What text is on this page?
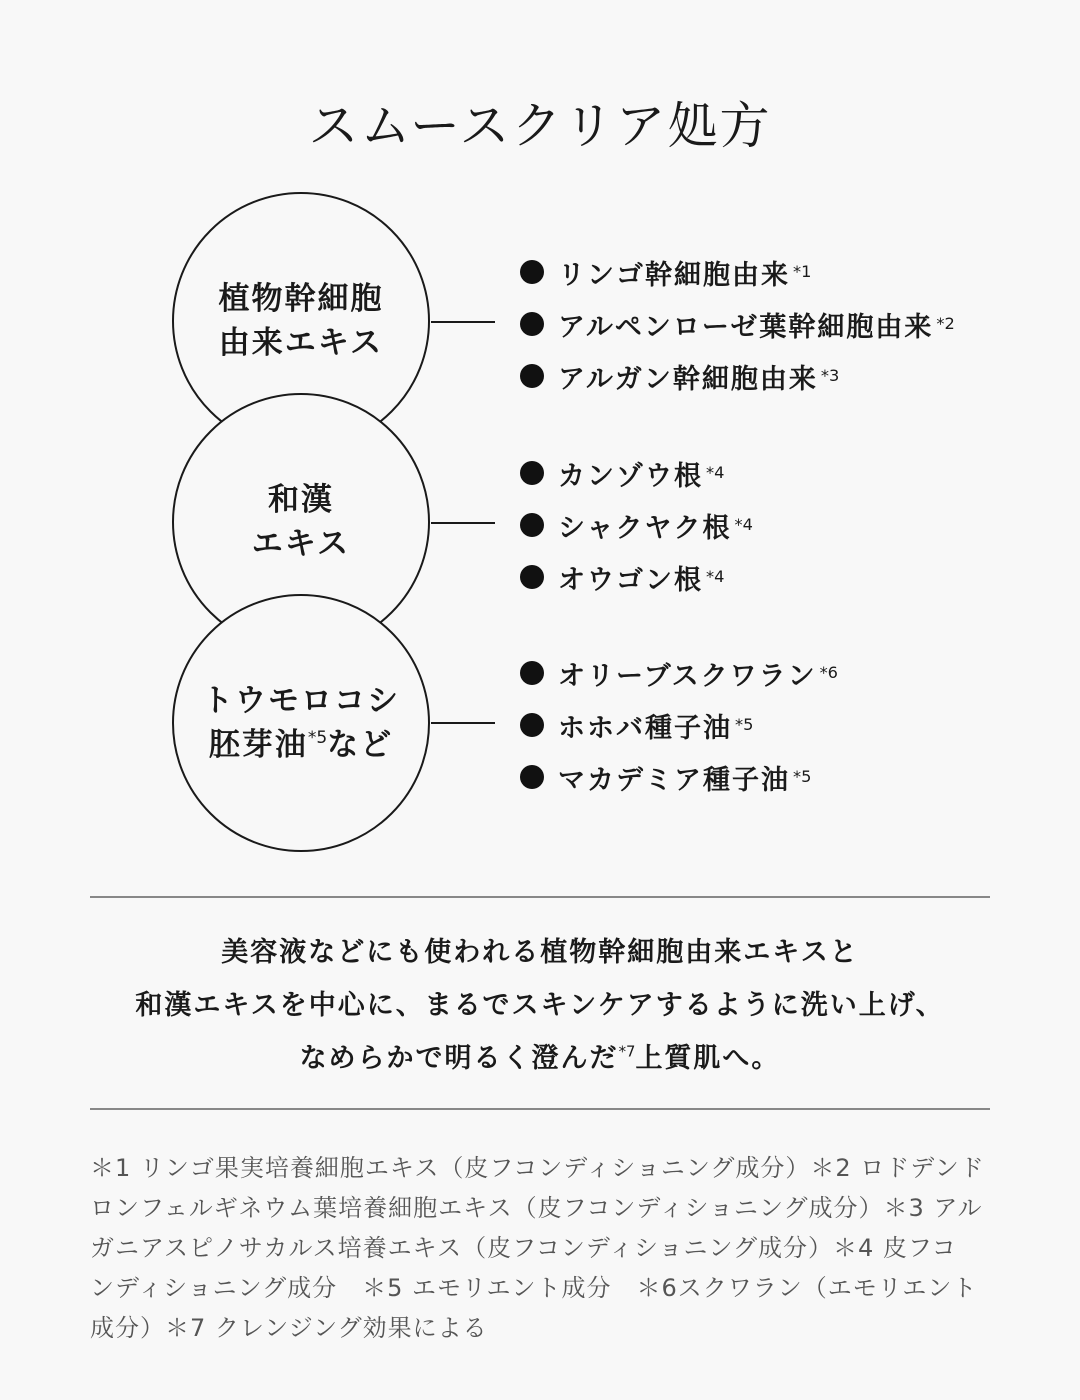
スムースクリア処方
植物幹細胞
由来エキス
和漢
エキス
トウモロコシ
胚芽油$^{*5}$など
リンゴ幹細胞由来 *1
アルペンローゼ葉幹細胞由来 *2
アルガン幹細胞由来 *3
カンゾウ根 *4
シャクヤク根 *4
オウゴン根 *4
オリーブスクワラン *6
ホホバ種子油 *5
マカデミア種子油 *5
美容液などにも使われる植物幹細胞由来エキスと
和漢エキスを中心に、まるでスキンケアするように洗い上げ、
なめらかで明るく澄んだ$^{*7}$上質肌へ。
＊1 リンゴ果実培養細胞エキス（皮フコンディショニング成分）＊2 ロドデンド
ロンフェルギネウム葉培養細胞エキス（皮フコンディショニング成分）＊3 アル
ガニアスピノサカルス培養エキス（皮フコンディショニング成分）＊4 皮フコ
ンディショニング成分　＊5 エモリエント成分　＊6スクワラン（エモリエント
成分）＊7 クレンジング効果による
